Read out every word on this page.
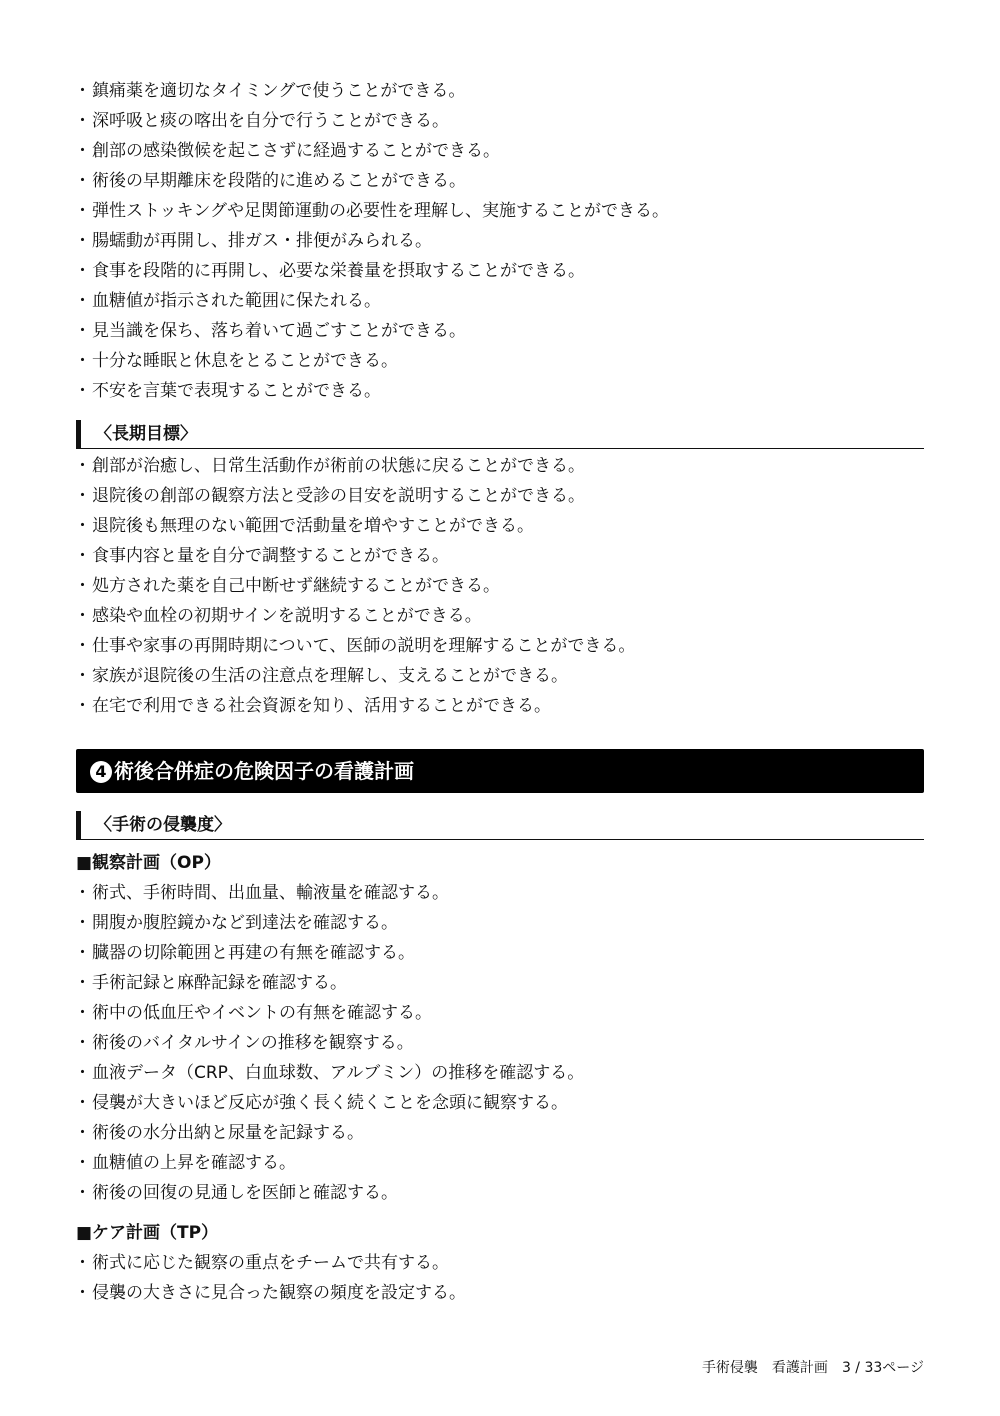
・ 鎮痛薬を適切なタイミングで使うことができる。
・ 深呼吸と痰の喀出を自分で行うことができる。
・ 創部の感染徴候を起こさずに経過することができる。
・ 術後の早期離床を段階的に進めることができる。
・ 弾性ストッキングや足関節運動の必要性を理解し、実施することができる。
・ 腸蠕動が再開し、排ガス・排便がみられる。
・ 食事を段階的に再開し、必要な栄養量を摂取することができる。
・ 血糖値が指示された範囲に保たれる。
・ 見当識を保ち、落ち着いて過ごすことができる。
・ 十分な睡眠と休息をとることができる。
・ 不安を言葉で表現することができる。
〈長期目標〉
・ 創部が治癒し、日常生活動作が術前の状態に戻ることができる。
・ 退院後の創部の観察方法と受診の目安を説明することができる。
・ 退院後も無理のない範囲で活動量を増やすことができる。
・ 食事内容と量を自分で調整することができる。
・ 処方された薬を自己中断せず継続することができる。
・ 感染や血栓の初期サインを説明することができる。
・ 仕事や家事の再開時期について、医師の説明を理解することができる。
・ 家族が退院後の生活の注意点を理解し、支えることができる。
・ 在宅で利用できる社会資源を知り、活用することができる。
4 術後合併症の危険因子の看護計画
〈手術の侵襲度〉
■観察計画（OP）
・ 術式、手術時間、出血量、輸液量を確認する。
・ 開腹か腹腔鏡かなど到達法を確認する。
・ 臓器の切除範囲と再建の有無を確認する。
・ 手術記録と麻酔記録を確認する。
・ 術中の低血圧やイベントの有無を確認する。
・ 術後のバイタルサインの推移を観察する。
・ 血液データ（CRP、白血球数、アルブミン）の推移を確認する。
・ 侵襲が大きいほど反応が強く長く続くことを念頭に観察する。
・ 術後の水分出納と尿量を記録する。
・ 血糖値の上昇を確認する。
・ 術後の回復の見通しを医師と確認する。
■ケア計画（TP）
・ 術式に応じた観察の重点をチームで共有する。
・ 侵襲の大きさに見合った観察の頻度を設定する。
手術侵襲　看護計画　 3 / 33ページ
